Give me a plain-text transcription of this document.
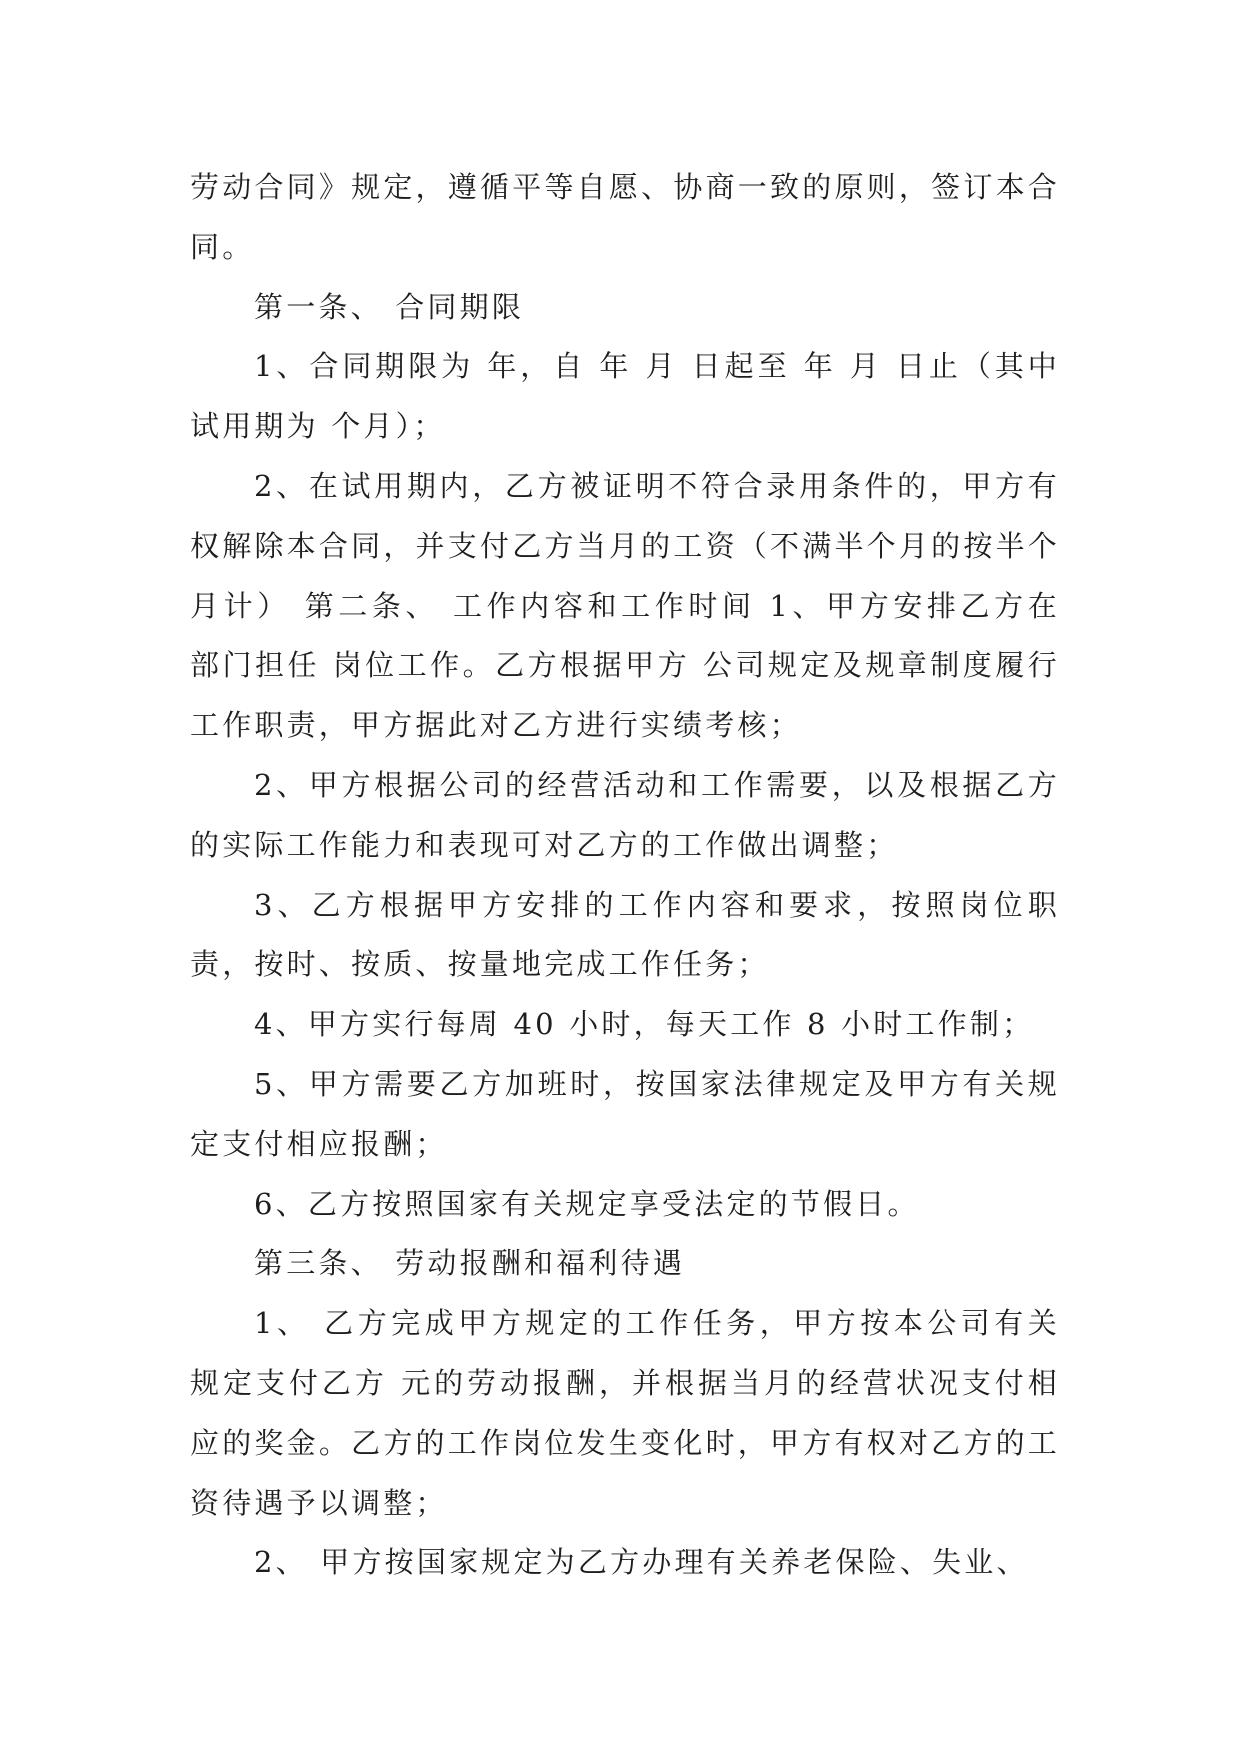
劳动合同》规定，遵循平等自愿、协商一致的原则，签订本合同。

第一条、 合同期限

1、合同期限为 年，自 年 月 日起至 年 月 日止（其中试用期为 个月）；

2、在试用期内，乙方被证明不符合录用条件的，甲方有权解除本合同，并支付乙方当月的工资（不满半个月的按半个月计） 第二条、 工作内容和工作时间 1、甲方安排乙方在 部门担任 岗位工作。乙方根据甲方 公司规定及规章制度履行工作职责，甲方据此对乙方进行实绩考核；

2、甲方根据公司的经营活动和工作需要，以及根据乙方的实际工作能力和表现可对乙方的工作做出调整；

3、乙方根据甲方安排的工作内容和要求，按照岗位职责，按时、按质、按量地完成工作任务；

4、甲方实行每周 40 小时，每天工作 8 小时工作制；

5、甲方需要乙方加班时，按国家法律规定及甲方有关规定支付相应报酬；

6、乙方按照国家有关规定享受法定的节假日。

第三条、 劳动报酬和福利待遇

1、 乙方完成甲方规定的工作任务，甲方按本公司有关规定支付乙方 元的劳动报酬，并根据当月的经营状况支付相应的奖金。乙方的工作岗位发生变化时，甲方有权对乙方的工资待遇予以调整；

2、 甲方按国家规定为乙方办理有关养老保险、失业、
